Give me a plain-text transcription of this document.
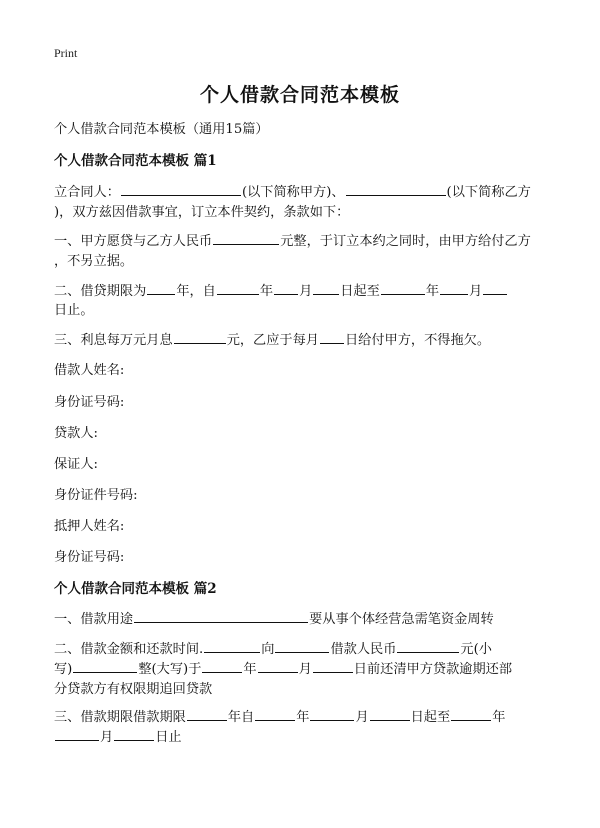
Print
个人借款合同范本模板
个人借款合同范本模板（通用15篇）
个人借款合同范本模板 篇1
立合同人：	(以下简称甲方)、	(以下简称乙方
)，双方兹因借款事宜，订立本件契约，条款如下：
一、甲方愿贷与乙方人民币	元整，于订立本约之同时，由甲方给付乙方
，不另立据。
二、借贷期限为 年，自	年 月 日起至	年 月
日止。
三、利息每万元月息	元，乙应于每月 日给付甲方，不得拖欠。
借款人姓名:
身份证号码:
贷款人:
保证人:
身份证件号码:
抵押人姓名:
身份证号码:
个人借款合同范本模板 篇2
一、借款用途	要从事个体经营急需笔资金周转
二、借款金额和还款时间.	向	借款人民币	元(小
写)	整(大写)于	年	月	日前还清甲方贷款逾期还部
分贷款方有权限期追回贷款
三、借款期限借款期限	年自	年	月	日起至	年
月	日止
